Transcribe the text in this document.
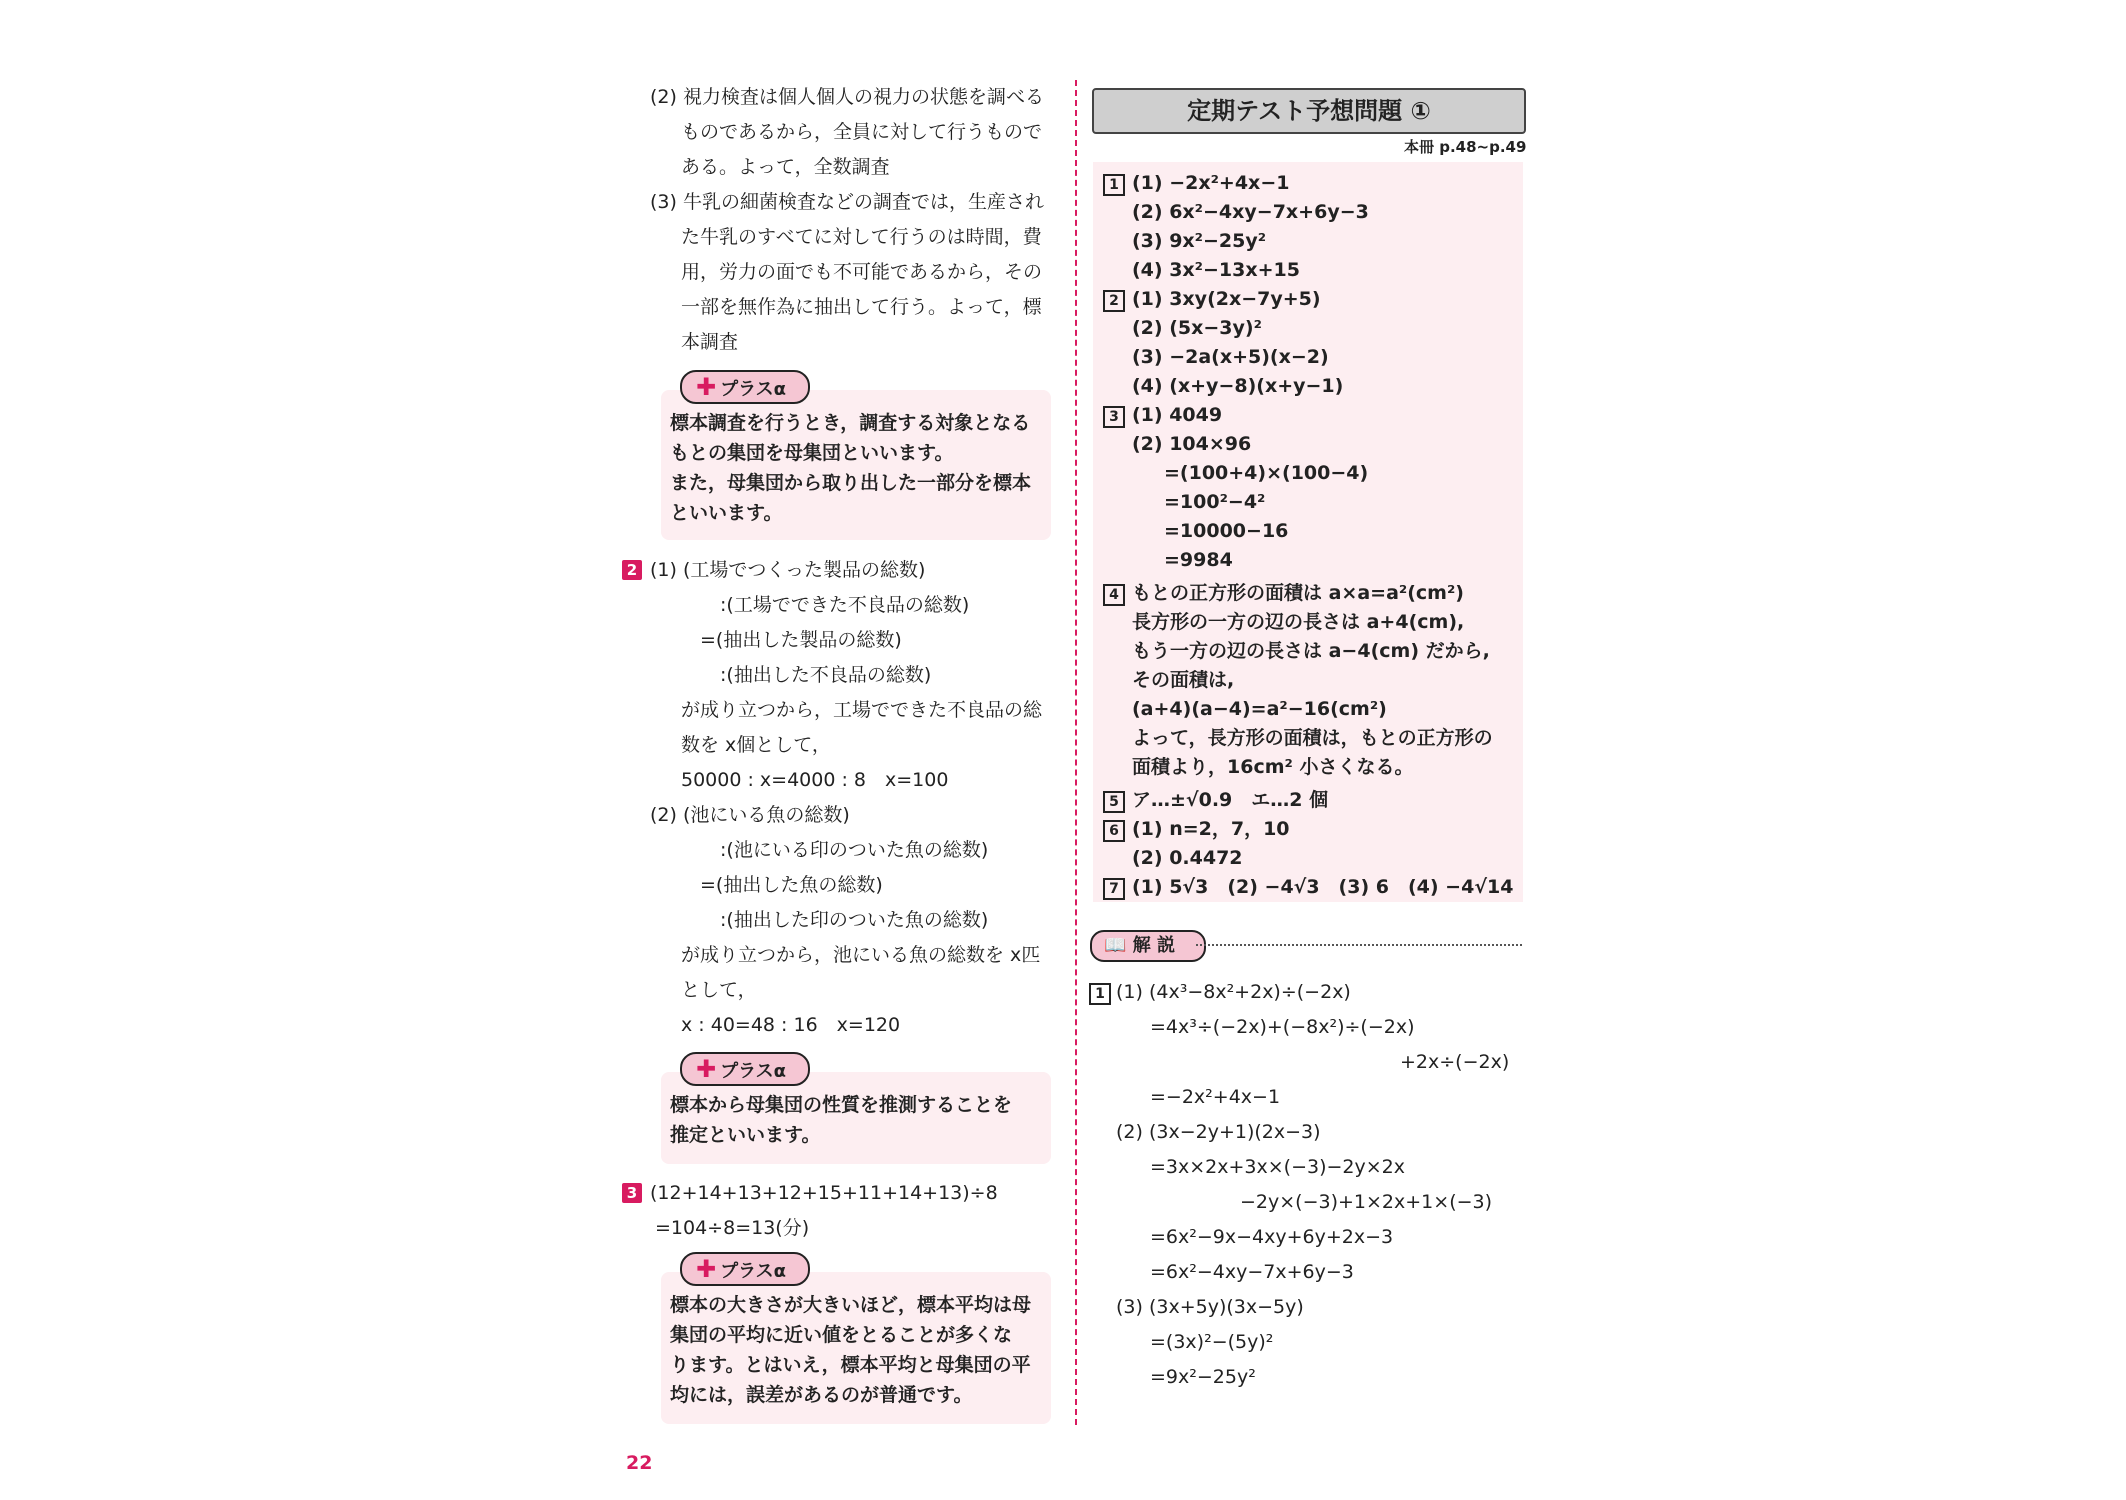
(2) 視力検査は個人個人の視力の状態を調べる
ものであるから，全員に対して行うもので
ある。よって，全数調査
(3) 牛乳の細菌検査などの調査では，生産され
た牛乳のすべてに対して行うのは時間，費
用，労力の面でも不可能であるから，その
一部を無作為に抽出して行う。よって，標
本調査
✚ プラスα
標本調査を行うとき，調査する対象となる
もとの集団を母集団といいます。
また，母集団から取り出した一部分を標本
といいます。
2 (1) (工場でつくった製品の総数)
:(工場でできた不良品の総数)
=(抽出した製品の総数)
:(抽出した不良品の総数)
が成り立つから，工場でできた不良品の総
数を x個として，
50000 : x=4000 : 8　x=100
(2) (池にいる魚の総数)
:(池にいる印のついた魚の総数)
=(抽出した魚の総数)
:(抽出した印のついた魚の総数)
が成り立つから，池にいる魚の総数を x匹
として，
x : 40=48 : 16　x=120
✚ プラスα
標本から母集団の性質を推測することを
推定といいます。
3 (12+14+13+12+15+11+14+13)÷8
=104÷8=13(分)
✚ プラスα
標本の大きさが大きいほど，標本平均は母
集団の平均に近い値をとることが多くな
ります。とはいえ，標本平均と母集団の平
均には，誤差があるのが普通です。
22
定期テスト予想問題 ①
本冊 p.48~p.49
1 (1) −2x²+4x−1
(2) 6x²−4xy−7x+6y−3
(3) 9x²−25y²
(4) 3x²−13x+15
2 (1) 3xy(2x−7y+5)
(2) (5x−3y)²
(3) −2a(x+5)(x−2)
(4) (x+y−8)(x+y−1)
3 (1) 4049
(2) 104×96
=(100+4)×(100−4)
=100²−4²
=10000−16
=9984
4 もとの正方形の面積は a×a=a²(cm²)
長方形の一方の辺の長さは a+4(cm),
もう一方の辺の長さは a−4(cm) だから,
その面積は,
(a+4)(a−4)=a²−16(cm²)
よって，長方形の面積は，もとの正方形の
面積より，16cm² 小さくなる。
5 ア…±√0.9　エ…2 個
6 (1) n=2，7，10
(2) 0.4472
7 (1) 5√3　(2) −4√3　(3) 6　(4) −4√14
📖 解 説
1 (1) (4x³−8x²+2x)÷(−2x)
=4x³÷(−2x)+(−8x²)÷(−2x)
+2x÷(−2x)
=−2x²+4x−1
(2) (3x−2y+1)(2x−3)
=3x×2x+3x×(−3)−2y×2x
−2y×(−3)+1×2x+1×(−3)
=6x²−9x−4xy+6y+2x−3
=6x²−4xy−7x+6y−3
(3) (3x+5y)(3x−5y)
=(3x)²−(5y)²
=9x²−25y²
